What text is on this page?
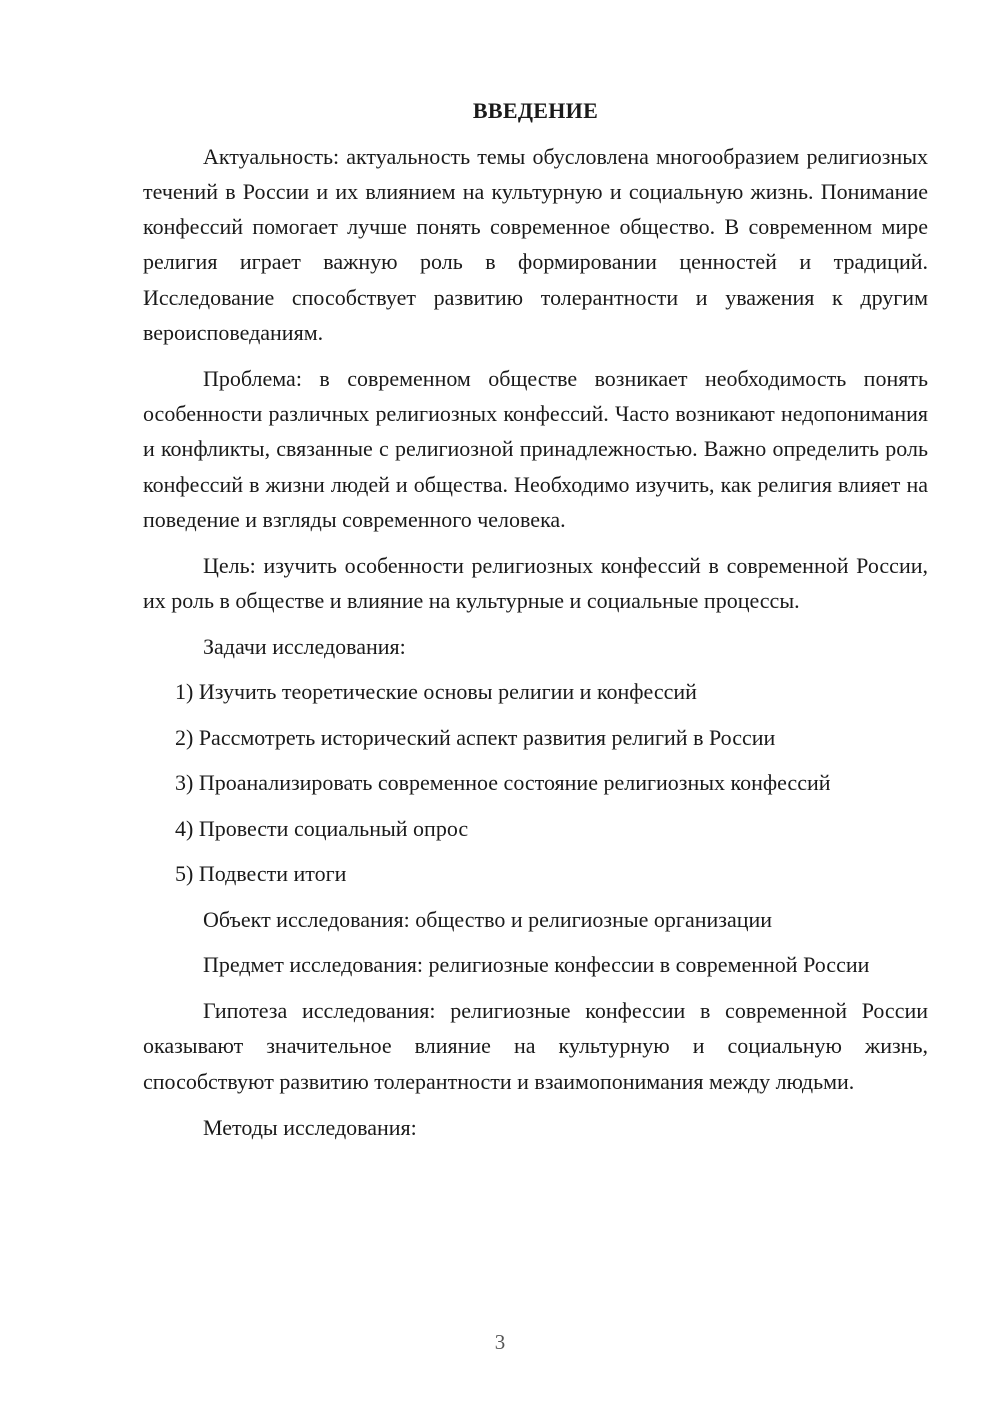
ВВЕДЕНИЕ

Актуальность: актуальность темы обусловлена многообразием религиозных течений в России и их влиянием на культурную и социальную жизнь. Понимание конфессий помогает лучше понять современное общество. В современном мире религия играет важную роль в формировании ценностей и традиций. Исследование способствует развитию толерантности и уважения к другим вероисповеданиям.

Проблема: в современном обществе возникает необходимость понять особенности различных религиозных конфессий. Часто возникают недопонимания и конфликты, связанные с религиозной принадлежностью. Важно определить роль конфессий в жизни людей и общества. Необходимо изучить, как религия влияет на поведение и взгляды современного человека.

Цель: изучить особенности религиозных конфессий в современной России, их роль в обществе и влияние на культурные и социальные процессы.

Задачи исследования:

1) Изучить теоретические основы религии и конфессий

2) Рассмотреть исторический аспект развития религий в России

3) Проанализировать современное состояние религиозных конфессий

4) Провести социальный опрос

5) Подвести итоги

Объект исследования: общество и религиозные организации

Предмет исследования: религиозные конфессии в современной России

Гипотеза исследования: религиозные конфессии в современной России оказывают значительное влияние на культурную и социальную жизнь, способствуют развитию толерантности и взаимопонимания между людьми.

Методы исследования:

3
